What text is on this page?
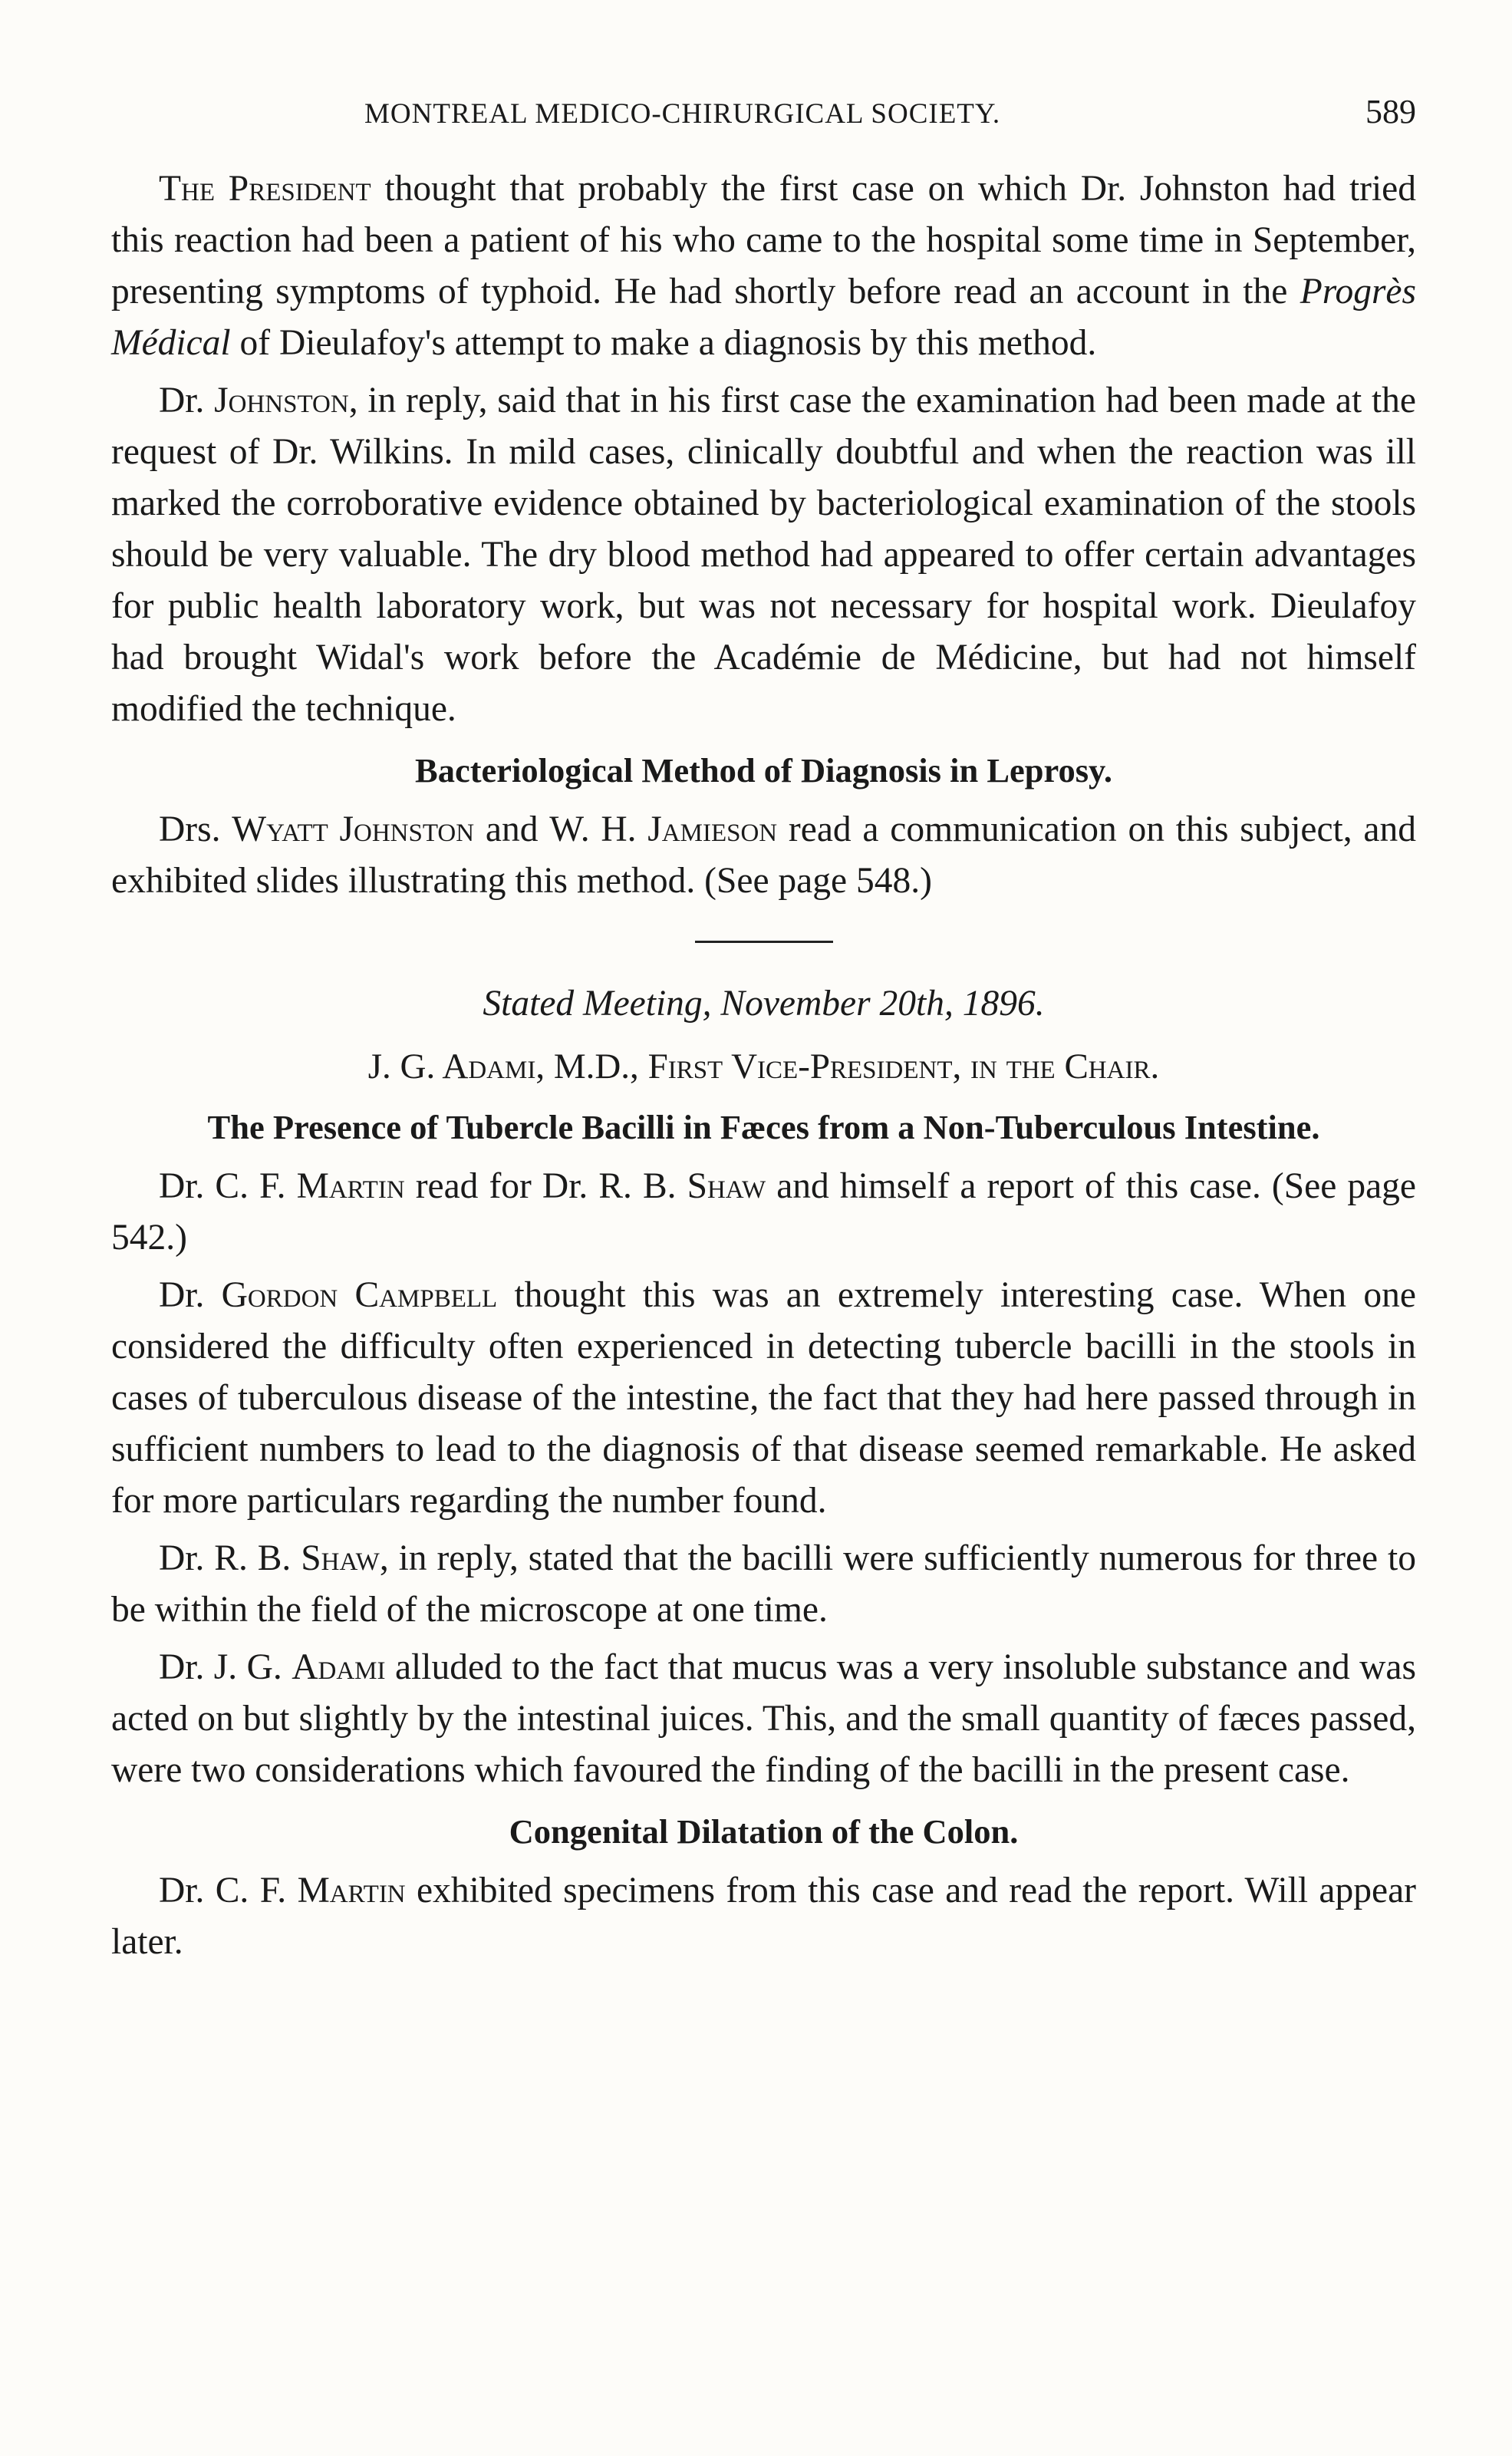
MONTREAL MEDICO-CHIRURGICAL SOCIETY.	589

The President thought that probably the first case on which Dr. Johnston had tried this reaction had been a patient of his who came to the hospital some time in September, presenting symptoms of typhoid. He had shortly before read an account in the Progrès Médical of Dieulafoy's attempt to make a diagnosis by this method.

Dr. Johnston, in reply, said that in his first case the examination had been made at the request of Dr. Wilkins. In mild cases, clinically doubtful and when the reaction was ill marked the corroborative evidence obtained by bacteriological examination of the stools should be very valuable. The dry blood method had appeared to offer certain advantages for public health laboratory work, but was not necessary for hospital work. Dieulafoy had brought Widal's work before the Académie de Médicine, but had not himself modified the technique.

Bacteriological Method of Diagnosis in Leprosy.

Drs. Wyatt Johnston and W. H. Jamieson read a communication on this subject, and exhibited slides illustrating this method. (See page 548.)

Stated Meeting, November 20th, 1896.
J. G. Adami, M.D., First Vice-President, in the Chair.
The Presence of Tubercle Bacilli in Fæces from a Non-Tuberculous Intestine.

Dr. C. F. Martin read for Dr. R. B. Shaw and himself a report of this case. (See page 542.)

Dr. Gordon Campbell thought this was an extremely interesting case. When one considered the difficulty often experienced in detecting tubercle bacilli in the stools in cases of tuberculous disease of the intestine, the fact that they had here passed through in sufficient numbers to lead to the diagnosis of that disease seemed remarkable. He asked for more particulars regarding the number found.

Dr. R. B. Shaw, in reply, stated that the bacilli were sufficiently numerous for three to be within the field of the microscope at one time.

Dr. J. G. Adami alluded to the fact that mucus was a very insoluble substance and was acted on but slightly by the intestinal juices. This, and the small quantity of fæces passed, were two considerations which favoured the finding of the bacilli in the present case.

Congenital Dilatation of the Colon.

Dr. C. F. Martin exhibited specimens from this case and read the report. Will appear later.
